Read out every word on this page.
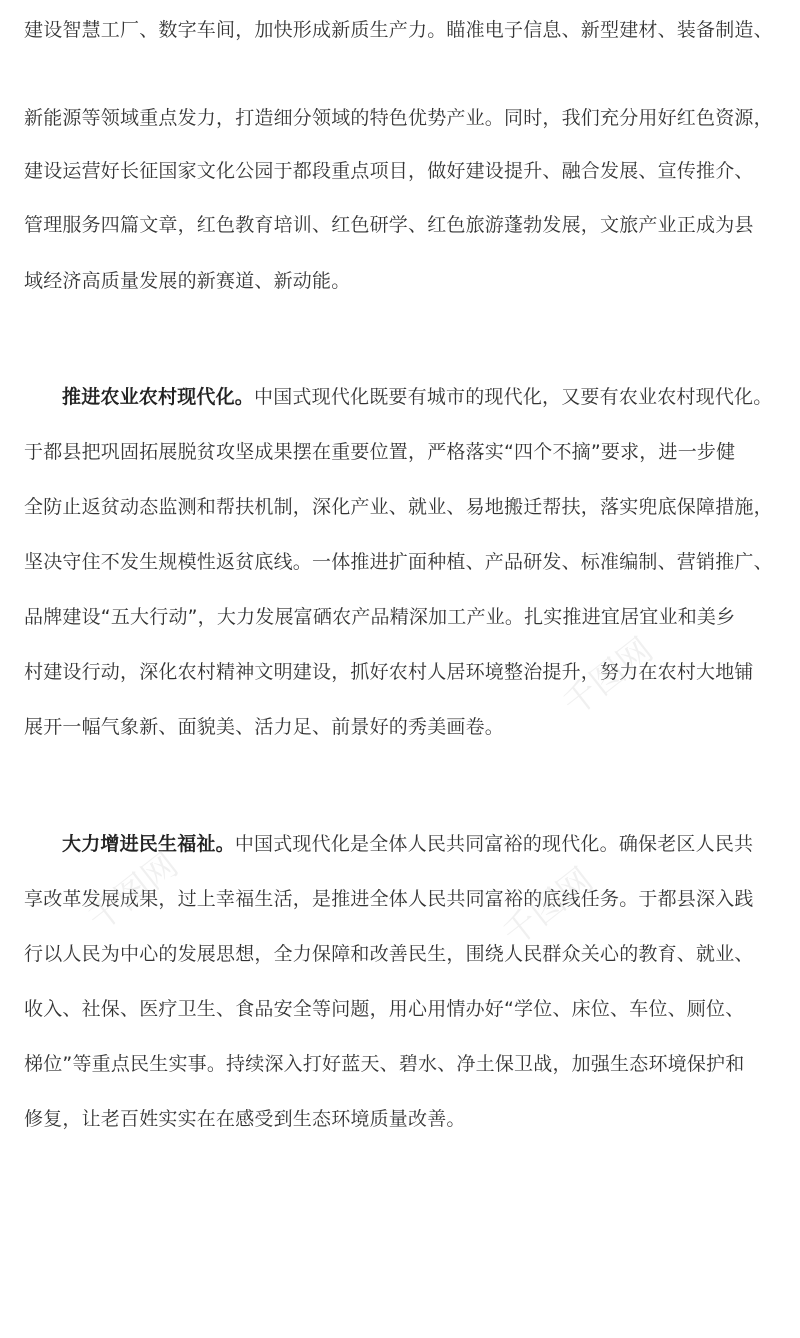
建设智慧工厂、数字车间，加快形成新质生产力。瞄准电子信息、新型建材、装备制造、
新能源等领域重点发力，打造细分领域的特色优势产业。同时，我们充分用好红色资源，
建设运营好长征国家文化公园于都段重点项目，做好建设提升、融合发展、宣传推介、
管理服务四篇文章，红色教育培训、红色研学、红色旅游蓬勃发展，文旅产业正成为县
域经济高质量发展的新赛道、新动能。
推进农业农村现代化。中国式现代化既要有城市的现代化，又要有农业农村现代化。
于都县把巩固拓展脱贫攻坚成果摆在重要位置，严格落实“四个不摘”要求，进一步健
全防止返贫动态监测和帮扶机制，深化产业、就业、易地搬迁帮扶，落实兜底保障措施，
坚决守住不发生规模性返贫底线。一体推进扩面种植、产品研发、标准编制、营销推广、
品牌建设“五大行动”，大力发展富硒农产品精深加工产业。扎实推进宜居宜业和美乡
村建设行动，深化农村精神文明建设，抓好农村人居环境整治提升，努力在农村大地铺
展开一幅气象新、面貌美、活力足、前景好的秀美画卷。
大力增进民生福祉。中国式现代化是全体人民共同富裕的现代化。确保老区人民共
享改革发展成果，过上幸福生活，是推进全体人民共同富裕的底线任务。于都县深入践
行以人民为中心的发展思想，全力保障和改善民生，围绕人民群众关心的教育、就业、
收入、社保、医疗卫生、食品安全等问题，用心用情办好“学位、床位、车位、厕位、
梯位”等重点民生实事。持续深入打好蓝天、碧水、净土保卫战，加强生态环境保护和
修复，让老百姓实实在在感受到生态环境质量改善。
千图网
千图网	千图网
